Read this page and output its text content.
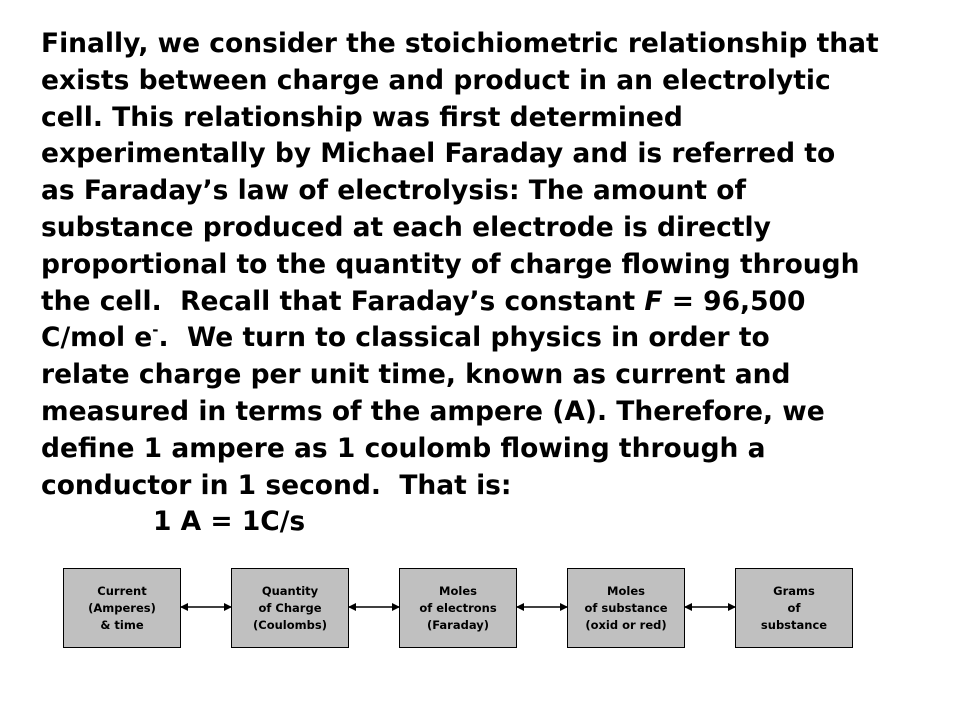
Finally, we consider the stoichiometric relationship that
exists between charge and product in an electrolytic
cell. This relationship was first determined
experimentally by Michael Faraday and is referred to
as Faraday’s law of electrolysis: The amount of
substance produced at each electrode is directly
proportional to the quantity of charge flowing through
the cell.  Recall that Faraday’s constant F = 96,500
C/mol e-.  We turn to classical physics in order to
relate charge per unit time, known as current and
measured in terms of the ampere (A). Therefore, we
define 1 ampere as 1 coulomb flowing through a
conductor in 1 second.  That is:
1 A = 1C/s
Current
(Amperes)
& time
Quantity
of Charge
(Coulombs)
Moles
of electrons
(Faraday)
Moles
of substance
(oxid or red)
Grams
of
substance
